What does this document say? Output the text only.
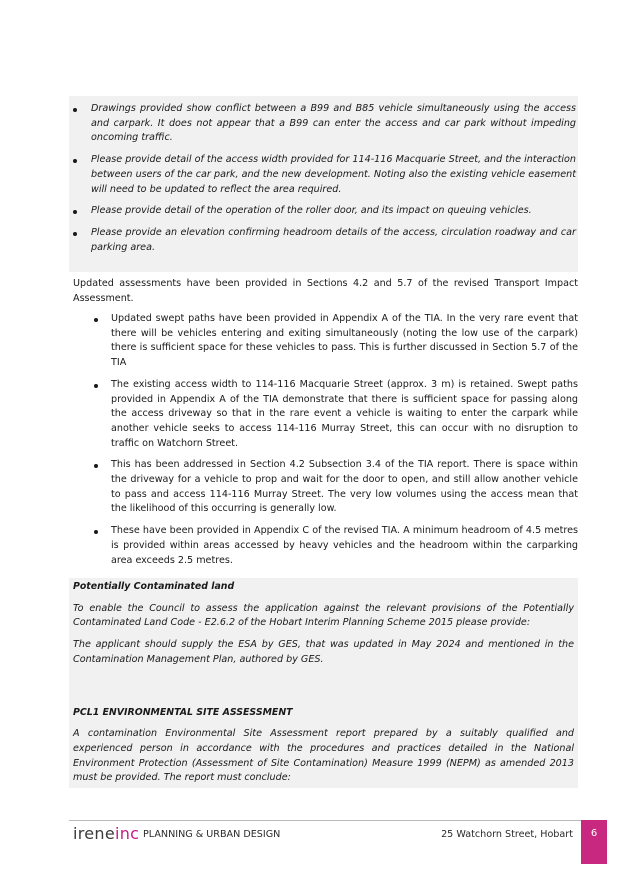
Drawings provided show conflict between a B99 and B85 vehicle simultaneously using the access and carpark. It does not appear that a B99 can enter the access and car park without impeding oncoming traffic.
Please provide detail of the access width provided for 114-116 Macquarie Street, and the interaction between users of the car park, and the new development. Noting also the existing vehicle easement will need to be updated to reflect the area required.
Please provide detail of the operation of the roller door, and its impact on queuing vehicles.
Please provide an elevation confirming headroom details of the access, circulation roadway and car parking area.
Updated assessments have been provided in Sections 4.2 and 5.7 of the revised Transport Impact Assessment.
Updated swept paths have been provided in Appendix A of the TIA. In the very rare event that there will be vehicles entering and exiting simultaneously (noting the low use of the carpark) there is sufficient space for these vehicles to pass. This is further discussed in Section 5.7 of the TIA
The existing access width to 114-116 Macquarie Street (approx. 3 m) is retained. Swept paths provided in Appendix A of the TIA demonstrate that there is sufficient space for passing along the access driveway so that in the rare event a vehicle is waiting to enter the carpark while another vehicle seeks to access 114-116 Murray Street, this can occur with no disruption to traffic on Watchorn Street.
This has been addressed in Section 4.2 Subsection 3.4 of the TIA report. There is space within the driveway for a vehicle to prop and wait for the door to open, and still allow another vehicle to pass and access 114-116 Murray Street. The very low volumes using the access mean that the likelihood of this occurring is generally low.
These have been provided in Appendix C of the revised TIA. A minimum headroom of 4.5 metres is provided within areas accessed by heavy vehicles and the headroom within the carparking area exceeds 2.5 metres.

Potentially Contaminated land

To enable the Council to assess the application against the relevant provisions of the Potentially Contaminated Land Code - E2.6.2 of the Hobart Interim Planning Scheme 2015 please provide:

The applicant should supply the ESA by GES, that was updated in May 2024 and mentioned in the Contamination Management Plan, authored by GES.

PCL1 ENVIRONMENTAL SITE ASSESSMENT

A contamination Environmental Site Assessment report prepared by a suitably qualified and experienced person in accordance with the procedures and practices detailed in the National Environment Protection (Assessment of Site Contamination) Measure 1999 (NEPM) as amended 2013 must be provided. The report must conclude:

ireneinc PLANNING & URBAN DESIGN	25 Watchorn Street, Hobart	6
